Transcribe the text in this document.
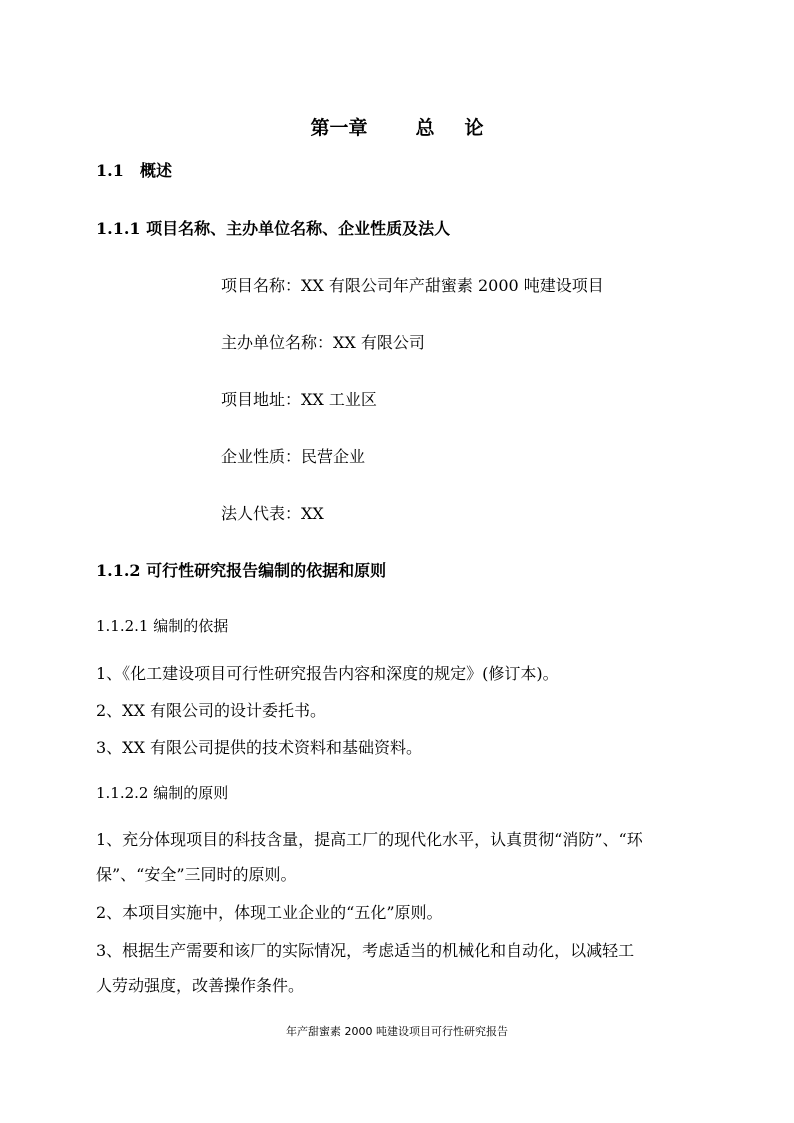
第一章	总 论
1.1 概述
1.1.1 项目名称、主办单位名称、企业性质及法人
项目名称：XX 有限公司年产甜蜜素 2000 吨建设项目
主办单位名称：XX 有限公司
项目地址：XX 工业区
企业性质：民营企业
法人代表：XX
1.1.2 可行性研究报告编制的依据和原则
1.1.2.1 编制的依据
1、《化工建设项目可行性研究报告内容和深度的规定》(修订本)。
2、XX 有限公司的设计委托书。
3、XX 有限公司提供的技术资料和基础资料。
1.1.2.2 编制的原则
1、充分体现项目的科技含量，提高工厂的现代化水平，认真贯彻“消防”、“环
保”、“安全”三同时的原则。
2、本项目实施中，体现工业企业的“五化”原则。
3、根据生产需要和该厂的实际情况，考虑适当的机械化和自动化，以减轻工
人劳动强度，改善操作条件。
年产甜蜜素 2000 吨建设项目可行性研究报告
